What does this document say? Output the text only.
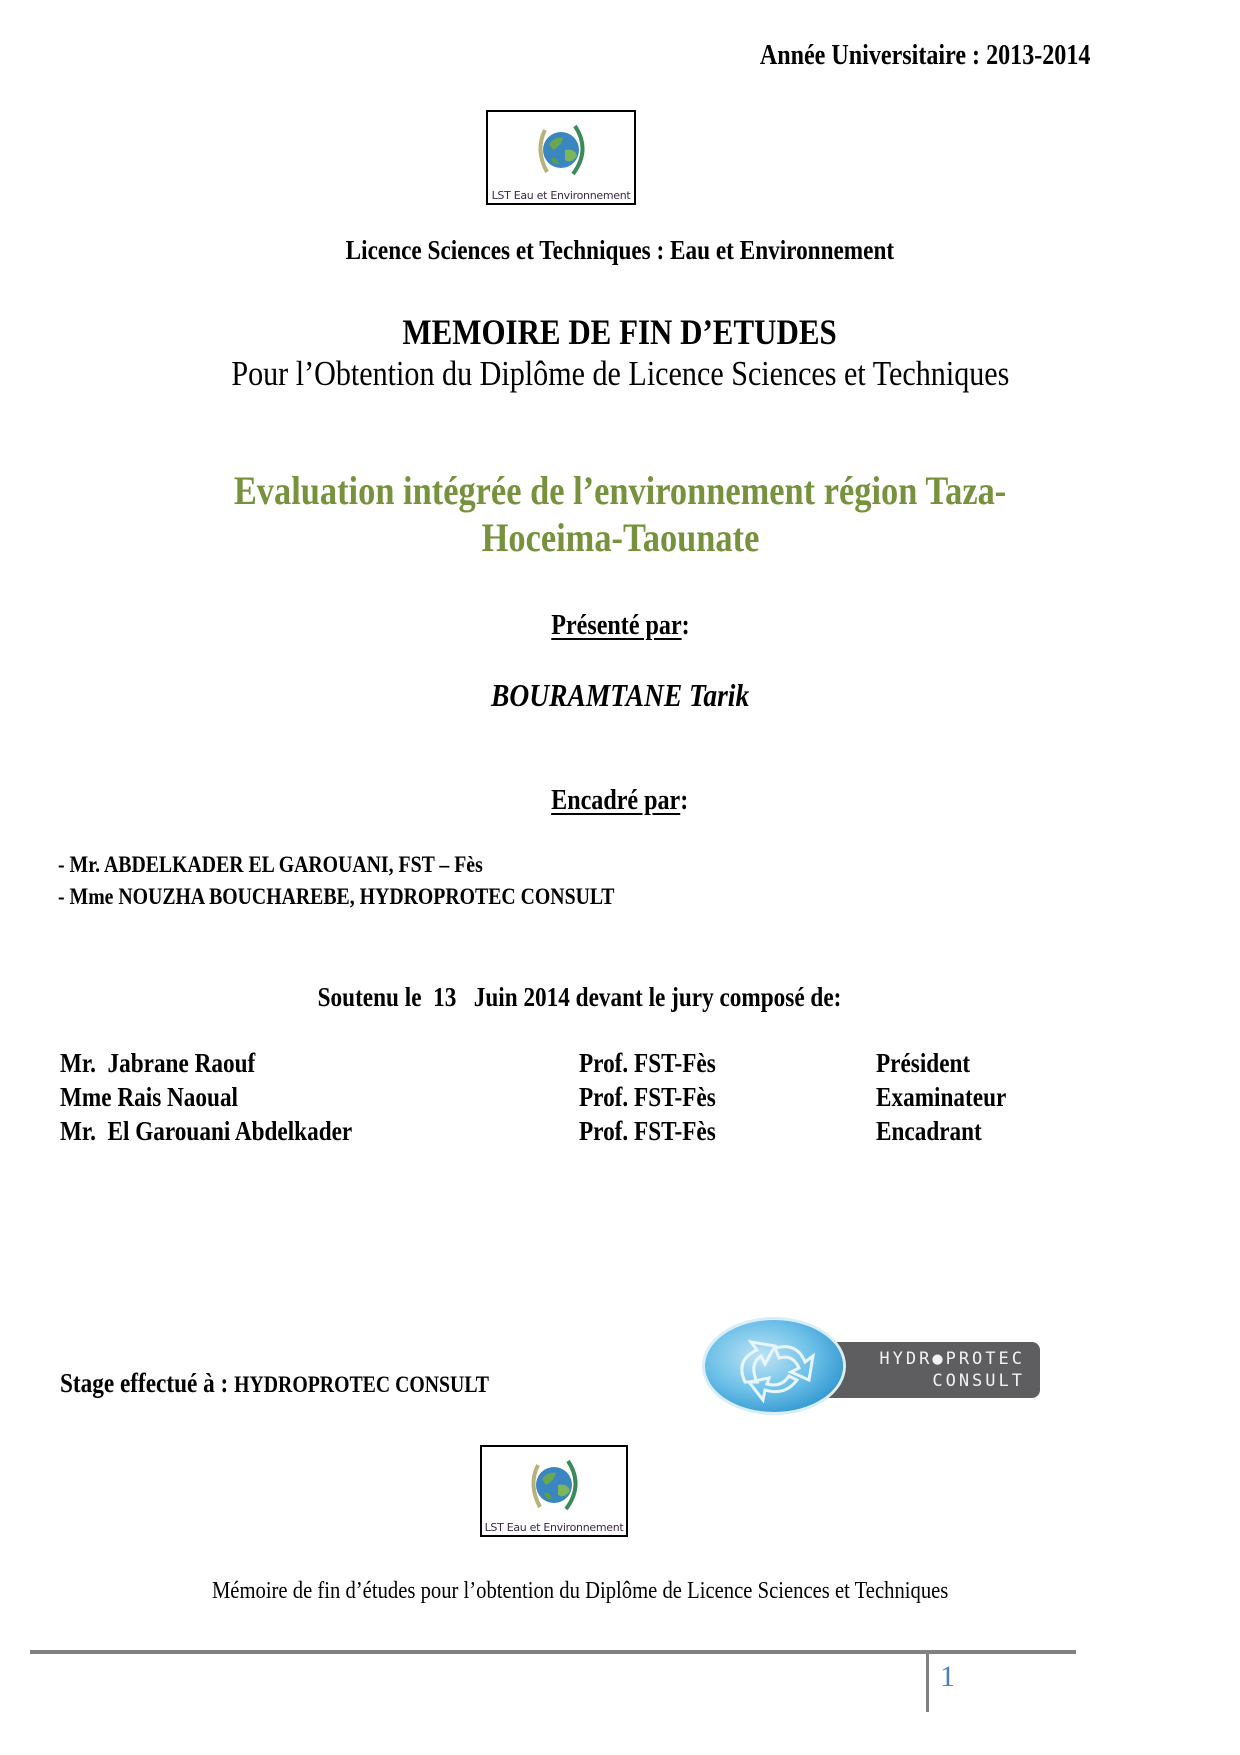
Année Universitaire : 2013-2014
LST Eau et Environnement
Licence Sciences et Techniques : Eau et Environnement
MEMOIRE DE FIN D’ETUDES
Pour l’Obtention du Diplôme de Licence Sciences et Techniques
Evaluation intégrée de l’environnement région Taza-
Hoceima-Taounate
Présenté par:
BOURAMTANE Tarik
Encadré par:
- Mr. ABDELKADER EL GAROUANI, FST – Fès
- Mme NOUZHA BOUCHAREBE, HYDROPROTEC CONSULT
Soutenu le  13   Juin 2014 devant le jury composé de:
Mr.  Jabrane Raouf	Prof. FST-Fès	Président
Mme Rais Naoual	Prof. FST-Fès	Examinateur
Mr.  El Garouani Abdelkader	Prof. FST-Fès	Encadrant
Stage effectué à : HYDROPROTEC CONSULT
HYDR●PROTEC
CONSULT
LST Eau et Environnement
Mémoire de fin d’études pour l’obtention du Diplôme de Licence Sciences et Techniques
1
